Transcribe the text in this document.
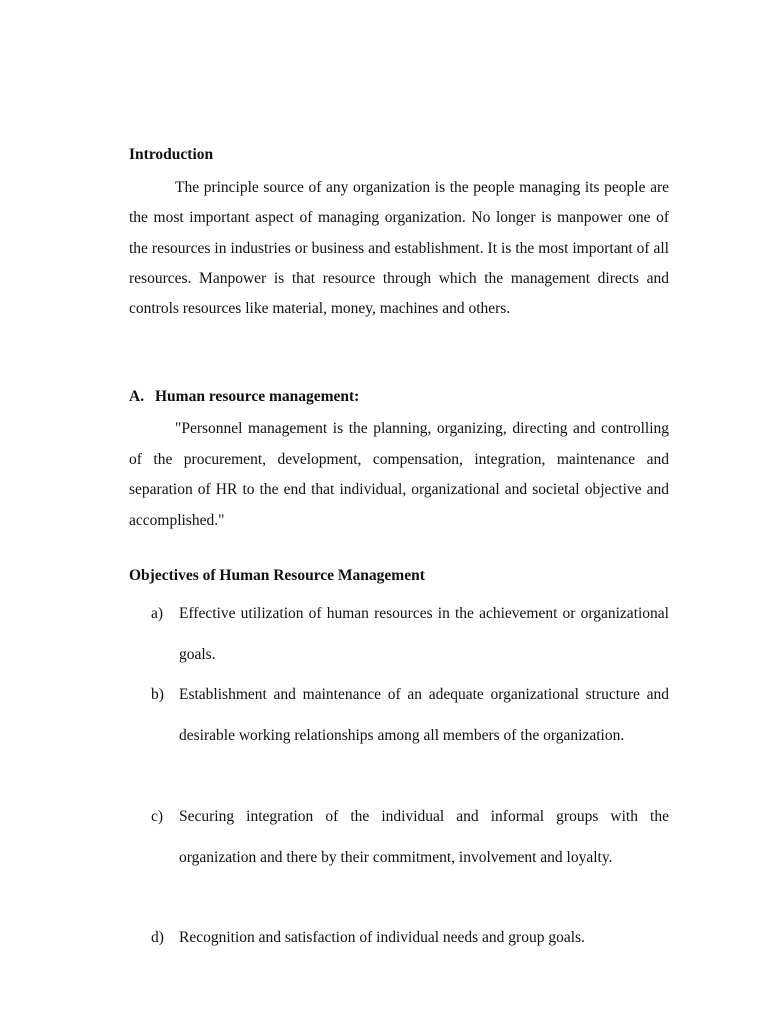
Introduction

The principle source of any organization is the people managing its people are the most important aspect of managing organization. No longer is manpower one of the resources in industries or business and establishment. It is the most important of all resources. Manpower is that resource through which the management directs and controls resources like material, money, machines and others.

A. Human resource management:

"Personnel management is the planning, organizing, directing and controlling of the procurement, development, compensation, integration, maintenance and separation of HR to the end that individual, organizational and societal objective and accomplished."

Objectives of Human Resource Management
a)	Effective utilization of human resources in the achievement or organizational goals.
b) Establishment and maintenance of an adequate organizational structure and desirable working relationships among all members of the organization.
c)	Securing integration of the individual and informal groups with the organization and there by their commitment, involvement and loyalty.
d) Recognition and satisfaction of individual needs and group goals.
